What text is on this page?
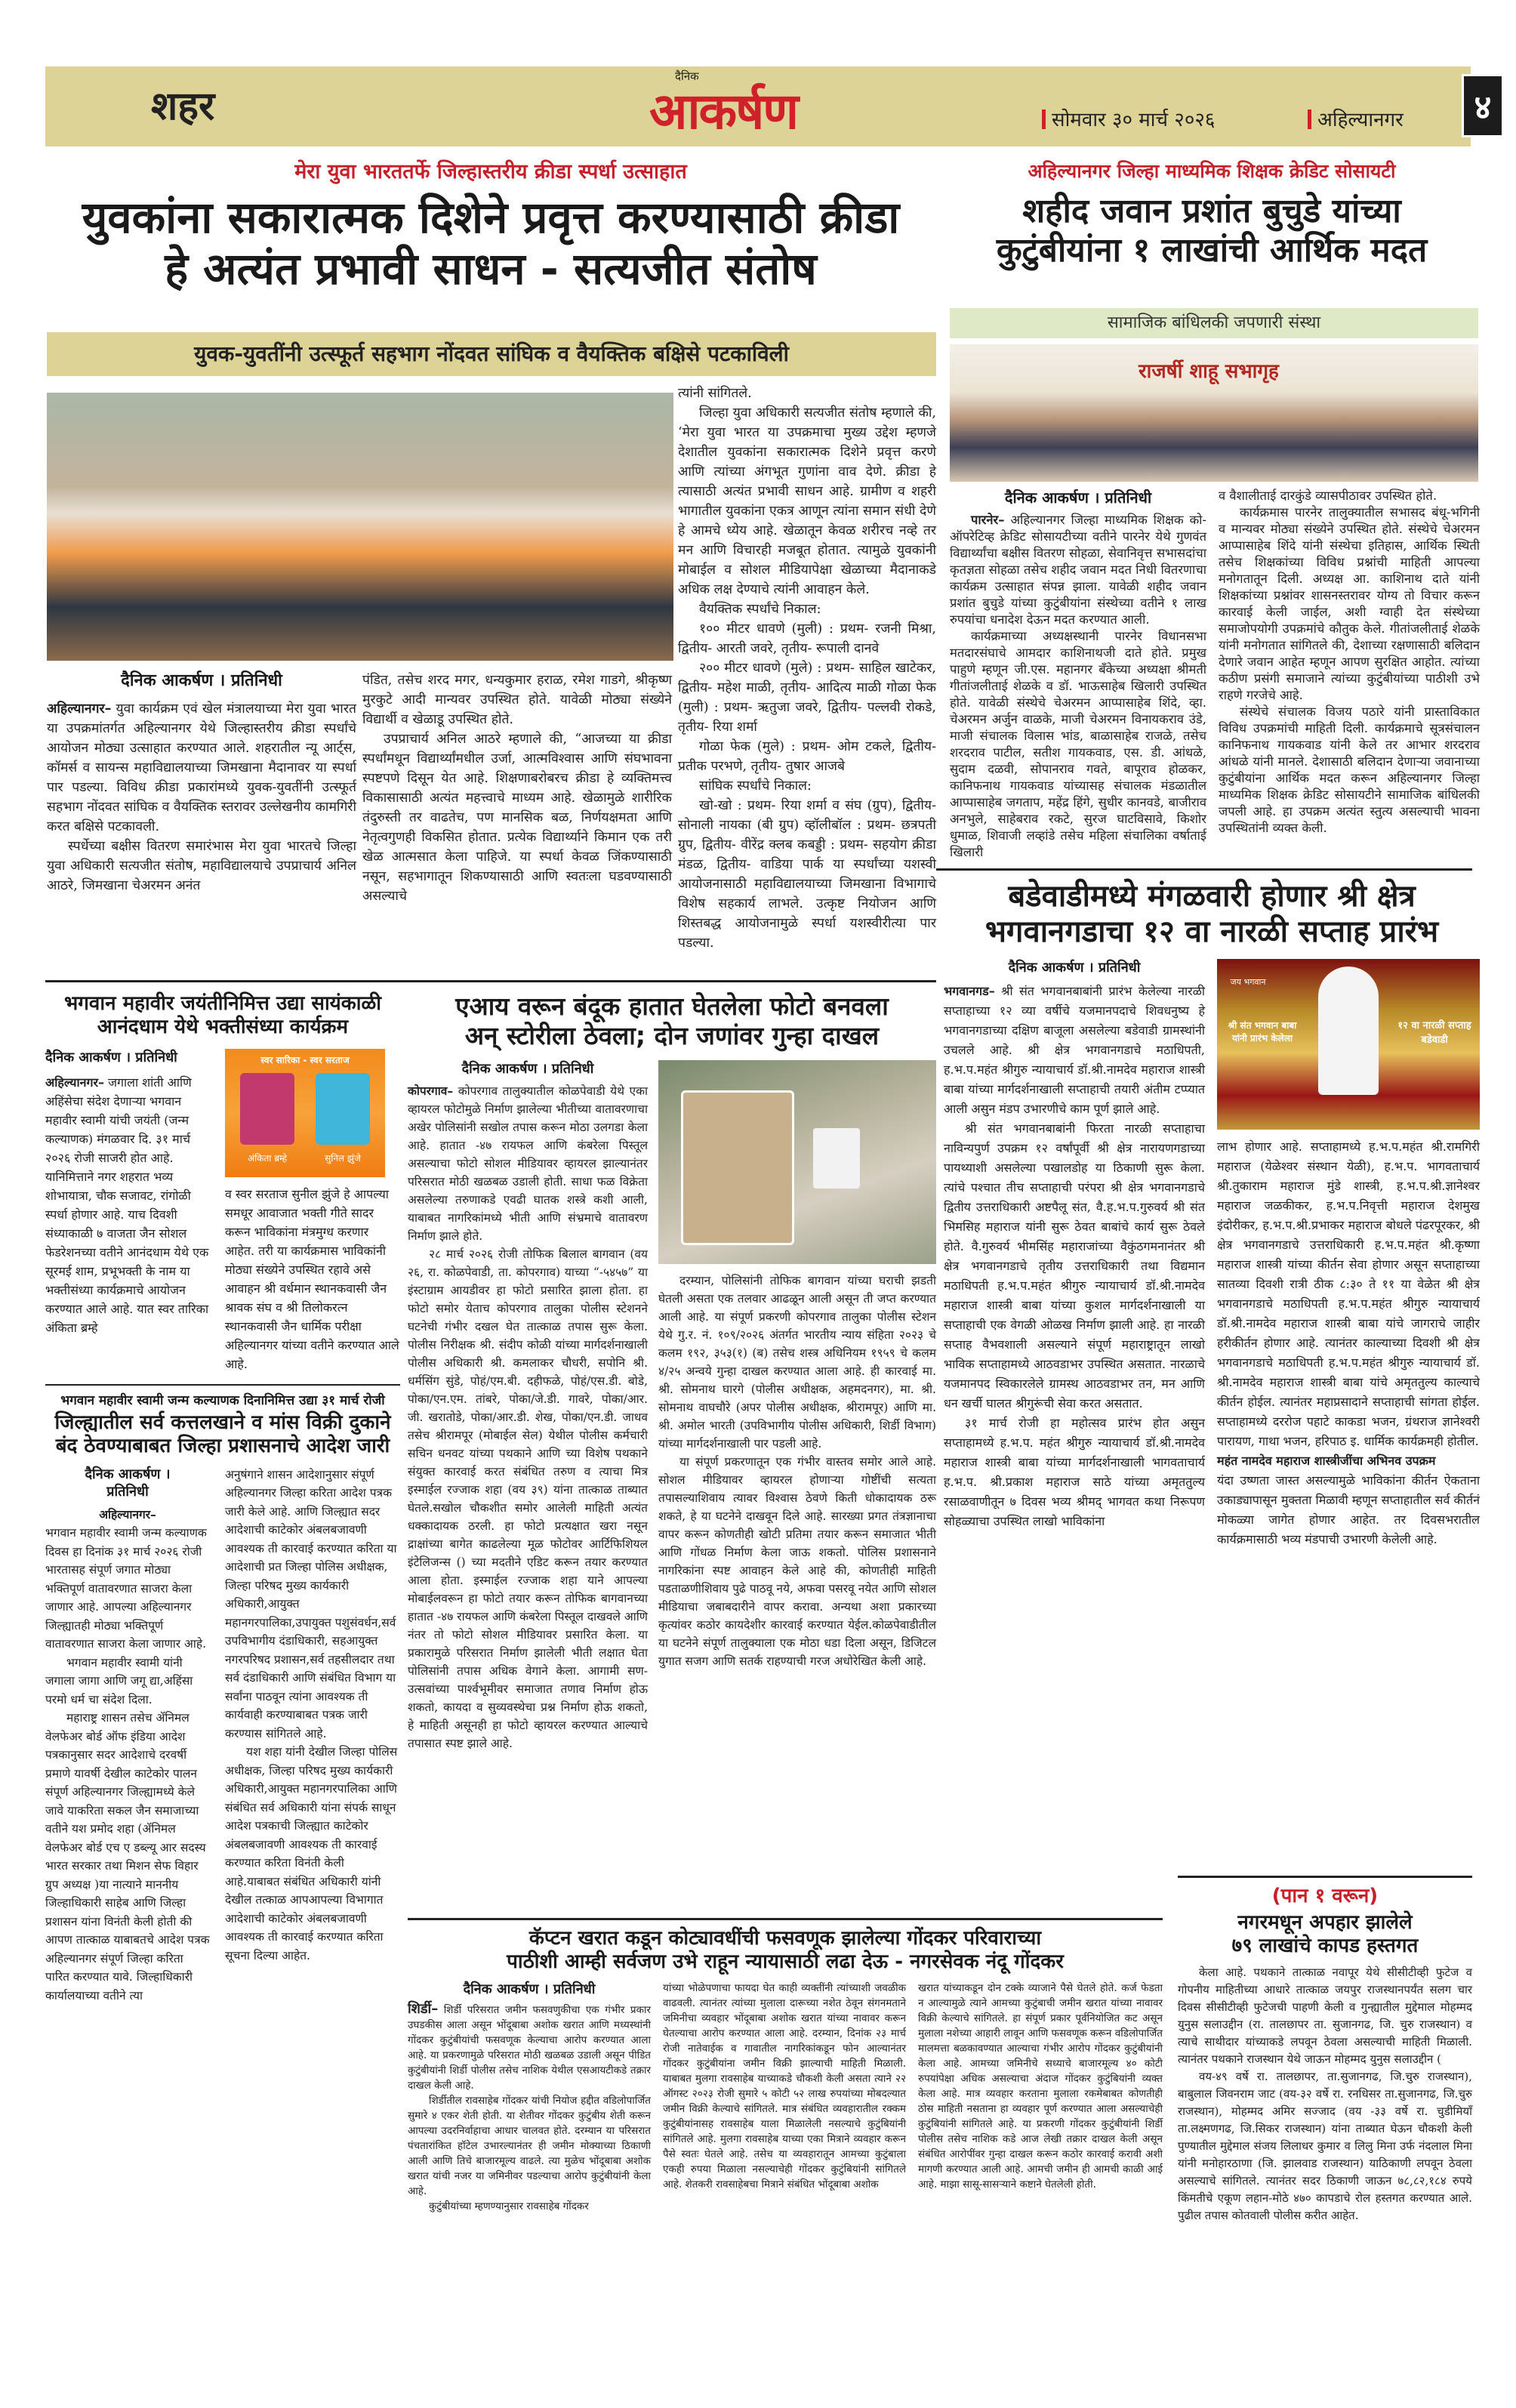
शहर
दैनिक
आकर्षण	सोमवार ३० मार्च २०२६	अहिल्यानगर	४
मेरा युवा भारततर्फे जिल्हास्तरीय क्रीडा स्पर्धा उत्साहात
युवकांना सकारात्मक दिशेने प्रवृत्त करण्यासाठी क्रीडा
हे अत्यंत प्रभावी साधन - सत्यजीत संतोष
युवक-युवतींनी उत्स्फूर्त सहभाग नोंदवत सांघिक व वैयक्तिक बक्षिसे पटकाविली
दैनिक आकर्षण । प्रतिनिधी

अहिल्यानगर– युवा कार्यक्रम एवं खेल मंत्रालयाच्या मेरा युवा भारत या उपक्रमांतर्गत अहिल्यानगर येथे जिल्हास्तरीय क्रीडा स्पर्धांचे आयोजन मोठ्या उत्साहात करण्यात आले. शहरातील न्यू आर्ट्स, कॉमर्स व सायन्स महाविद्यालयाच्या जिमखाना मैदानावर या स्पर्धा पार पडल्या. विविध क्रीडा प्रकारांमध्ये युवक-युवतींनी उत्स्फूर्त सहभाग नोंदवत सांघिक व वैयक्तिक स्तरावर उल्लेखनीय कामगिरी करत बक्षिसे पटकावली.

स्पर्धेच्या बक्षीस वितरण समारंभास मेरा युवा भारतचे जिल्हा युवा अधिकारी सत्यजीत संतोष, महाविद्यालयाचे उपप्राचार्य अनिल आठरे, जिमखाना चेअरमन अनंत

पंडित, तसेच शरद मगर, धन्यकुमार हराळ, रमेश गाडगे, श्रीकृष्ण मुरकुटे आदी मान्यवर उपस्थित होते. यावेळी मोठ्या संख्येने विद्यार्थी व खेळाडू उपस्थित होते.

उपप्राचार्य अनिल आठरे म्हणाले की, “आजच्या या क्रीडा स्पर्धांमधून विद्यार्थ्यांमधील उर्जा, आत्मविश्वास आणि संघभावना स्पष्टपणे दिसून येत आहे. शिक्षणाबरोबरच क्रीडा हे व्यक्तिमत्त्व विकासासाठी अत्यंत महत्त्वाचे माध्यम आहे. खेळामुळे शारीरिक तंदुरुस्ती तर वाढतेच, पण मानसिक बळ, निर्णयक्षमता आणि नेतृत्वगुणही विकसित होतात. प्रत्येक विद्यार्थ्याने किमान एक तरी खेळ आत्मसात केला पाहिजे. या स्पर्धा केवळ जिंकण्यासाठी नसून, सहभागातून शिकण्यासाठी आणि स्वतःला घडवण्यासाठी असल्याचे

त्यांनी सांगितले.

जिल्हा युवा अधिकारी सत्यजीत संतोष म्हणाले की, ‘मेरा युवा भारत या उपक्रमाचा मुख्य उद्देश म्हणजे देशातील युवकांना सकारात्मक दिशेने प्रवृत्त करणे आणि त्यांच्या अंगभूत गुणांना वाव देणे. क्रीडा हे त्यासाठी अत्यंत प्रभावी साधन आहे. ग्रामीण व शहरी भागातील युवकांना एकत्र आणून त्यांना समान संधी देणे हे आमचे ध्येय आहे. खेळातून केवळ शरीरच नव्हे तर मन आणि विचारही मजबूत होतात. त्यामुळे युवकांनी मोबाईल व सोशल मीडियापेक्षा खेळाच्या मैदानाकडे अधिक लक्ष देण्याचे त्यांनी आवाहन केले.

वैयक्तिक स्पर्धांचे निकाल:

१०० मीटर धावणे (मुली) : प्रथम- रजनी मिश्रा, द्वितीय- आरती जवरे, तृतीय- रूपाली दानवे

२०० मीटर धावणे (मुले) : प्रथम- साहिल खाटेकर, द्वितीय- महेश माळी, तृतीय- आदित्य माळी गोळा फेक (मुली) : प्रथम- ऋतुजा जवरे, द्वितीय- पल्लवी रोकडे, तृतीय- रिया शर्मा

गोळा फेक (मुले) : प्रथम- ओम टकले, द्वितीय- प्रतीक परभणे, तृतीय- तुषार आजबे

सांघिक स्पर्धांचे निकाल:

खो-खो : प्रथम- रिया शर्मा व संघ (ग्रुप), द्वितीय- सोनाली नायका (बी ग्रुप) व्हॉलीबॉल : प्रथम- छत्रपती ग्रुप, द्वितीय- वीरेंद्र क्लब कबड्डी : प्रथम- सहयोग क्रीडा मंडळ, द्वितीय- वाडिया पार्क या स्पर्धांच्या यशस्वी आयोजनासाठी महाविद्यालयाच्या जिमखाना विभागाचे विशेष सहकार्य लाभले. उत्कृष्ट नियोजन आणि शिस्तबद्ध आयोजनामुळे स्पर्धा यशस्वीरीत्या पार पडल्या.

अहिल्यानगर जिल्हा माध्यमिक शिक्षक क्रेडिट सोसायटी
शहीद जवान प्रशांत बुचुडे यांच्या
कुटुंबीयांना १ लाखांची आर्थिक मदत
सामाजिक बांधिलकी जपणारी संस्था
राजर्षी शाहू सभागृह
दैनिक आकर्षण । प्रतिनिधी

पारनेर– अहिल्यानगर जिल्हा माध्यमिक शिक्षक को-ऑपरेटिव्ह क्रेडिट सोसायटीच्या वतीने पारनेर येथे गुणवंत विद्यार्थ्यांचा बक्षीस वितरण सोहळा, सेवानिवृत्त सभासदांचा कृतज्ञता सोहळा तसेच शहीद जवान मदत निधी वितरणाचा कार्यक्रम उत्साहात संपन्न झाला. यावेळी शहीद जवान प्रशांत बुचुडे यांच्या कुटुंबीयांना संस्थेच्या वतीने १ लाख रुपयांचा धनादेश देऊन मदत करण्यात आली.

कार्यक्रमाच्या अध्यक्षस्थानी पारनेर विधानसभा मतदारसंघाचे आमदार काशिनाथजी दाते होते. प्रमुख पाहुणे म्हणून जी.एस. महानगर बँकेच्या अध्यक्षा श्रीमती गीतांजलीताई शेळके व डॉ. भाऊसाहेब खिलारी उपस्थित होते. यावेळी संस्थेचे चेअरमन आप्पासाहेब शिंदे, व्हा. चेअरमन अर्जुन वाळके, माजी चेअरमन विनायकराव उंडे, माजी संचालक विलास भांड, बाळासाहेब राजळे, तसेच शरदराव पाटील, सतीश गायकवाड, एस. डी. आंधळे, सुदाम दळवी, सोपानराव गवते, बापूराव होळकर, कानिफनाथ गायकवाड यांच्यासह संचालक मंडळातील आप्पासाहेब जगताप, महेंद्र हिंगे, सुधीर कानवडे, बाजीराव अनभुले, साहेबराव रकटे, सुरज घाटविसावे, किशोर धुमाळ, शिवाजी लव्हांडे तसेच महिला संचालिका वर्षाताई खिलारी

व वैशालीताई दारकुंडे व्यासपीठावर उपस्थित होते.

कार्यक्रमास पारनेर तालुक्यातील सभासद बंधू-भगिनी व मान्यवर मोठ्या संख्येने उपस्थित होते. संस्थेचे चेअरमन आप्पासाहेब शिंदे यांनी संस्थेचा इतिहास, आर्थिक स्थिती तसेच शिक्षकांच्या विविध प्रश्नांची माहिती आपल्या मनोगतातून दिली. अध्यक्ष आ. काशिनाथ दाते यांनी शिक्षकांच्या प्रश्नांवर शासनस्तरावर योग्य तो विचार करून कारवाई केली जाईल, अशी ग्वाही देत संस्थेच्या समाजोपयोगी उपक्रमांचे कौतुक केले. गीतांजलीताई शेळके यांनी मनोगतात सांगितले की, देशाच्या रक्षणासाठी बलिदान देणारे जवान आहेत म्हणून आपण सुरक्षित आहोत. त्यांच्या कठीण प्रसंगी समाजाने त्यांच्या कुटुंबीयांच्या पाठीशी उभे राहणे गरजेचे आहे.

संस्थेचे संचालक विजय पठारे यांनी प्रास्ताविकात विविध उपक्रमांची माहिती दिली. कार्यक्रमाचे सूत्रसंचालन कानिफनाथ गायकवाड यांनी केले तर आभार शरदराव आंधळे यांनी मानले. देशासाठी बलिदान देणाऱ्या जवानाच्या कुटुंबीयांना आर्थिक मदत करून अहिल्यानगर जिल्हा माध्यमिक शिक्षक क्रेडिट सोसायटीने सामाजिक बांधिलकी जपली आहे. हा उपक्रम अत्यंत स्तुत्य असल्याची भावना उपस्थितांनी व्यक्त केली.

भगवान महावीर जयंतीनिमित्त उद्या सायंकाळी
आनंदधाम येथे भक्तीसंध्या कार्यक्रम
दैनिक आकर्षण । प्रतिनिधी

अहिल्यानगर– जगाला शांती आणि अहिंसेचा संदेश देणाऱ्या भगवान महावीर स्वामी यांची जयंती (जन्म कल्याणक) मंगळवार दि. ३१ मार्च २०२६ रोजी साजरी होत आहे. यानिमित्ताने नगर शहरात भव्य शोभायात्रा, चौक सजावट, रांगोळी स्पर्धा होणार आहे. याच दिवशी संध्याकाळी ७ वाजता जैन सोशल फेडरेशनच्या वतीने आनंदधाम येथे एक सूरमई शाम, प्रभूभक्ती के नाम या भक्तीसंध्या कार्यक्रमाचे आयोजन करण्यात आले आहे. यात स्वर तारिका अंकिता ब्रम्हे

स्वर सारिका - स्वर सरताज
अंकिता ब्रम्हे	सुनिल झुंजे

व स्वर सरताज सुनील झुंजे हे आपल्या समधूर आवाजात भक्ती गीते सादर करून भाविकांना मंत्रमुग्ध करणार आहेत. तरी या कार्यक्रमास भाविकांनी मोठ्या संख्येने उपस्थित रहावे असे आवाहन श्री वर्धमान स्थानकवासी जैन श्रावक संघ व श्री तिलोकरत्न स्थानकवासी जैन धार्मिक परीक्षा अहिल्यानगर यांच्या वतीने करण्यात आले आहे.

भगवान महावीर स्वामी जन्म कल्याणक दिनानिमित्त उद्या ३१ मार्च रोजी
जिल्ह्यातील सर्व कत्तलखाने व मांस विक्री दुकाने
बंद ठेवण्याबाबत जिल्हा प्रशासनाचे आदेश जारी
दैनिक आकर्षण ।
प्रतिनिधी

अहिल्यानगर–

भगवान महावीर स्वामी जन्म कल्याणक दिवस हा दिनांक ३१ मार्च २०२६ रोजी भारतासह संपूर्ण जगात मोठ्या भक्तिपूर्ण वातावरणात साजरा केला जाणार आहे. आपल्या अहिल्यानगर जिल्ह्यातही मोठ्या भक्तिपूर्ण वातावरणात साजरा केला जाणार आहे.

भगवान महावीर स्वामी यांनी जगाला जागा आणि जगू द्या,अहिंसा परमो धर्म चा संदेश दिला.

महाराष्ट्र शासन तसेच ॲनिमल वेलफेअर बोर्ड ऑफ इंडिया आदेश पत्रकानुसार सदर आदेशाचे दरवर्षी प्रमाणे यावर्षी देखील काटेकोर पालन संपूर्ण अहिल्यानगर जिल्ह्यामध्ये केले जावे याकरिता सकल जैन समाजाच्या वतीने यश प्रमोद शहा (ॲनिमल वेलफेअर बोर्ड एच ए डब्ल्यू आर सदस्य भारत सरकार तथा मिशन सेफ विहार ग्रुप अध्यक्ष )या नात्याने माननीय जिल्हाधिकारी साहेब आणि जिल्हा प्रशासन यांना विनंती केली होती की आपण तात्काळ याबाबतचे आदेश पत्रक अहिल्यानगर संपूर्ण जिल्हा करिता पारित करण्यात यावे. जिल्हाधिकारी कार्यालयाच्या वतीने त्या

अनुषंगाने शासन आदेशानुसार संपूर्ण अहिल्यानगर जिल्हा करिता आदेश पत्रक जारी केले आहे. आणि जिल्ह्यात सदर आदेशाची काटेकोर अंबलबजावणी आवश्यक ती कारवाई करण्यात करिता या आदेशाची प्रत जिल्हा पोलिस अधीक्षक, जिल्हा परिषद मुख्य कार्यकारी अधिकारी,आयुक्त महानगरपालिका,उपायुक्त पशुसंवर्धन,सर्व उपविभागीय दंडाधिकारी, सहआयुक्त नगरपरिषद प्रशासन,सर्व तहसीलदार तथा सर्व दंडाधिकारी आणि संबंधित विभाग या सर्वांना पाठवून त्यांना आवश्यक ती कार्यवाही करण्याबाबत पत्रक जारी करण्यास सांगितले आहे.

यश शहा यांनी देखील जिल्हा पोलिस अधीक्षक, जिल्हा परिषद मुख्य कार्यकारी अधिकारी,आयुक्त महानगरपालिका आणि संबंधित सर्व अधिकारी यांना संपर्क साधून आदेश पत्रकाची जिल्ह्यात काटेकोर अंबलबजावणी आवश्यक ती कारवाई करण्यात करिता विनंती केली आहे.याबाबत संबंधित अधिकारी यांनी देखील तत्काळ आपआपल्या विभागात आदेशाची काटेकोर अंबलबजावणी आवश्यक ती कारवाई करण्यात करिता सूचना दिल्या आहेत.

एआय वरून बंदूक हातात घेतलेला फोटो बनवला
अन् स्टोरीला ठेवला; दोन जणांवर गुन्हा दाखल
दैनिक आकर्षण । प्रतिनिधी

कोपरगाव– कोपरगाव तालुक्यातील कोळपेवाडी येथे एका व्हायरल फोटोमुळे निर्माण झालेल्या भीतीच्या वातावरणाचा अखेर पोलिसांनी सखोल तपास करून मोठा उलगडा केला आहे. हातात -४७ रायफल आणि कंबरेला पिस्तूल असल्याचा फोटो सोशल मीडियावर व्हायरल झाल्यानंतर परिसरात मोठी खळबळ उडाली होती. साधा फळ विक्रेता असलेल्या तरुणाकडे एवढी घातक शस्त्रे कशी आली, याबाबत नागरिकांमध्ये भीती आणि संभ्रमाचे वातावरण निर्माण झाले होते.

२८ मार्च २०२६ रोजी तोफिक बिलाल बागवान (वय २६, रा. कोळपेवाडी, ता. कोपरगाव) याच्या “-५४५७” या इंस्टाग्राम आयडीवर हा फोटो प्रसारित झाला होता. हा फोटो समोर येताच कोपरगाव तालुका पोलीस स्टेशनने घटनेची गंभीर दखल घेत तात्काळ तपास सुरू केला. पोलीस निरीक्षक श्री. संदीप कोळी यांच्या मार्गदर्शनाखाली पोलीस अधिकारी श्री. कमलाकर चौधरी, सपोनि श्री. धर्मसिंग सुंडे, पोहं/एम.बी. दहीफळे, पोहं/एस.डी. बोडे, पोका/एन.एम. तांबरे, पोका/जे.डी. गावरे, पोका/आर. जी. खरातोडे, पोका/आर.डी. शेख, पोका/एन.डी. जाधव तसेच श्रीरामपूर (मोबाईल सेल) येथील पोलीस कर्मचारी सचिन धनवट यांच्या पथकाने आणि च्या विशेष पथकाने संयुक्त कारवाई करत संबंधित तरुण व त्याचा मित्र इस्माईल रज्जाक शहा (वय ३९) यांना तात्काळ ताब्यात घेतले.सखोल चौकशीत समोर आलेली माहिती अत्यंत धक्कादायक ठरली. हा फोटो प्रत्यक्षात खरा नसून द्राक्षांच्या बागेत काढलेल्या मूळ फोटोवर आर्टिफिशियल इंटेलिजन्स () च्या मदतीने एडिट करून तयार करण्यात आला होता. इस्माईल रज्जाक शहा याने आपल्या मोबाईलवरून हा फोटो तयार करून तोफिक बागवानच्या हातात -४७ रायफल आणि कंबरेला पिस्तूल दाखवले आणि नंतर तो फोटो सोशल मीडियावर प्रसारित केला. या प्रकारामुळे परिसरात निर्माण झालेली भीती लक्षात घेता पोलिसांनी तपास अधिक वेगाने केला. आगामी सण-उत्सवांच्या पार्श्वभूमीवर समाजात तणाव निर्माण होऊ शकतो, कायदा व सुव्यवस्थेचा प्रश्न निर्माण होऊ शकतो, हे माहिती असूनही हा फोटो व्हायरल करण्यात आल्याचे तपासात स्पष्ट झाले आहे.

दरम्यान, पोलिसांनी तोफिक बागवान यांच्या घराची झडती घेतली असता एक तलवार आढळून आली असून ती जप्त करण्यात आली आहे. या संपूर्ण प्रकरणी कोपरगाव तालुका पोलीस स्टेशन येथे गु.र. नं. १०९/२०२६ अंतर्गत भारतीय न्याय संहिता २०२३ चे कलम १९२, ३५३(१) (ब) तसेच शस्त्र अधिनियम १९५९ चे कलम ४/२५ अन्वये गुन्हा दाखल करण्यात आला आहे. ही कारवाई मा. श्री. सोमनाथ घारगे (पोलीस अधीक्षक, अहमदनगर), मा. श्री. सोमनाथ वाघचौरे (अपर पोलीस अधीक्षक, श्रीरामपूर) आणि मा. श्री. अमोल भारती (उपविभागीय पोलीस अधिकारी, शिर्डी विभाग) यांच्या मार्गदर्शनाखाली पार पडली आहे.

या संपूर्ण प्रकरणातून एक गंभीर वास्तव समोर आले आहे. सोशल मीडियावर व्हायरल होणाऱ्या गोष्टींची सत्यता तपासल्याशिवाय त्यावर विश्वास ठेवणे किती धोकादायक ठरू शकते, हे या घटनेने दाखवून दिले आहे. सारख्या प्रगत तंत्रज्ञानाचा वापर करून कोणतीही खोटी प्रतिमा तयार करून समाजात भीती आणि गोंधळ निर्माण केला जाऊ शकतो. पोलिस प्रशासनाने नागरिकांना स्पष्ट आवाहन केले आहे की, कोणतीही माहिती पडताळणीशिवाय पुढे पाठवू नये, अफवा पसरवू नयेत आणि सोशल मीडियाचा जबाबदारीने वापर करावा. अन्यथा अशा प्रकारच्या कृत्यांवर कठोर कायदेशीर कारवाई करण्यात येईल.कोळपेवाडीतील या घटनेने संपूर्ण तालुक्याला एक मोठा धडा दिला असून, डिजिटल युगात सजग आणि सतर्क राहण्याची गरज अधोरेखित केली आहे.

बडेवाडीमध्ये मंगळवारी होणार श्री क्षेत्र
भगवानगडाचा १२ वा नारळी सप्ताह प्रारंभ
दैनिक आकर्षण । प्रतिनिधी

भगवानगड– श्री संत भगवानबाबांनी प्रारंभ केलेल्या नारळी सप्ताहाच्या १२ व्या वर्षीचे यजमानपदाचे शिवधनुष्य हे भगवानगडाच्या दक्षिण बाजूला असलेल्या बडेवाडी ग्रामस्थांनी उचलले आहे. श्री क्षेत्र भगवानगडाचे मठाधिपती, ह.भ.प.महंत श्रीगुरु न्यायाचार्य डॉ.श्री.नामदेव महाराज शास्त्री बाबा यांच्या मार्गदर्शनाखाली सप्ताहाची तयारी अंतीम टप्प्यात आली असुन मंडप उभारणीचे काम पूर्ण झाले आहे.

श्री संत भगवानबाबांनी फिरता नारळी सप्ताहाचा नाविन्यपुर्ण उपक्रम १२ वर्षांपूर्वी श्री क्षेत्र नारायणगडाच्या पायथ्याशी असलेल्या पखालडोह या ठिकाणी सुरू केला. त्यांचे पश्चात तीच सप्ताहाची परंपरा श्री क्षेत्र भगवानगडाचे द्वितीय उत्तराधिकारी अष्टपैलू संत, वै.ह.भ.प.गुरुवर्य श्री संत भिमसिह महाराज यांनी सुरू ठेवत बाबांचे कार्य सुरू ठेवले होते. वै.गुरुवर्य भीमसिंह महाराजांच्या वैकुंठगमनानंतर श्री क्षेत्र भगवानगडाचे तृतीय उत्तराधिकारी तथा विद्यमान मठाधिपती ह.भ.प.महंत श्रीगुरु न्यायाचार्य डॉ.श्री.नामदेव महाराज शास्त्री बाबा यांच्या कुशल मार्गदर्शनाखाली या सप्ताहाची एक वेगळी ओळख निर्माण झाली आहे. हा नारळी सप्ताह वैभवशाली असल्याने संपूर्ण महाराष्ट्रातून लाखो भाविक सप्ताहामध्ये आठवडाभर उपस्थित असतात. नारळाचे यजमानपद स्विकारलेले ग्रामस्थ आठवडाभर तन, मन आणि धन खर्ची घालत श्रीगुरूंची सेवा करत असतात.

३१ मार्च रोजी हा महोत्सव प्रारंभ होत असुन सप्ताहामध्ये ह.भ.प. महंत श्रीगुरु न्यायाचार्य डॉ.श्री.नामदेव महाराज शास्त्री बाबा यांच्या मार्गदर्शनाखाली भागवताचार्य ह.भ.प. श्री.प्रकाश महाराज साठे यांच्या अमृततुल्य रसाळवाणीतून ७ दिवस भव्य श्रीमद् भागवत कथा निरूपण सोहळ्याचा उपस्थित लाखो भाविकांना

जय भगवान
श्री संत भगवान बाबा यांनी प्रारंभ केलेला
१२ वा नारळी सप्ताह बडेवाडी

लाभ होणार आहे. सप्ताहामध्ये ह.भ.प.महंत श्री.रामगिरी महाराज (येळेश्वर संस्थान येळी), ह.भ.प. भागवताचार्य श्री.तुकाराम महाराज मुंडे शास्त्री, ह.भ.प.श्री.ज्ञानेश्वर महाराज जळकीकर, ह.भ.प.निवृत्ती महाराज देशमुख इंदोरीकर, ह.भ.प.श्री.प्रभाकर महाराज बोधले पंढरपूरकर, श्री क्षेत्र भगवानगडाचे उत्तराधिकारी ह.भ.प.महंत श्री.कृष्णा महाराज शास्त्री यांच्या कीर्तन सेवा होणार असून सप्ताहाच्या सातव्या दिवशी रात्री ठीक ८:३० ते ११ या वेळेत श्री क्षेत्र भगवानगडाचे मठाधिपती ह.भ.प.महंत श्रीगुरु न्यायाचार्य डॉ.श्री.नामदेव महाराज शास्त्री बाबा यांचे जागराचे जाहीर हरीकीर्तन होणार आहे. त्यानंतर काल्याच्या दिवशी श्री क्षेत्र भगवानगडाचे मठाधिपती ह.भ.प.महंत श्रीगुरु न्यायाचार्य डॉ. श्री.नामदेव महाराज शास्त्री बाबा यांचे अमृततुल्य काल्याचे कीर्तन होईल. त्यानंतर महाप्रसादाने सप्ताहाची सांगता होईल. सप्ताहामध्ये दररोज पहाटे काकडा भजन, ग्रंथराज ज्ञानेश्वरी पारायण, गाथा भजन, हरिपाठ इ. धार्मिक कार्यक्रमही होतील.

महंत नामदेव महाराज शास्त्रीजींचा अभिनव उपक्रम

यंदा उष्णता जास्त असल्यामुळे भाविकांना कीर्तन ऐकताना उकाड्यापासून मुक्तता मिळावी म्हणून सप्ताहातील सर्व कीर्तनं मोकळ्या जागेत होणार आहेत. तर दिवसभरातील कार्यक्रमासाठी भव्य मंडपाची उभारणी केलेली आहे.

कॅप्टन खरात कडून कोट्यावधींची फसवणूक झालेल्या गोंदकर परिवाराच्या
पाठीशी आम्ही सर्वजण उभे राहून न्यायासाठी लढा देऊ - नगरसेवक नंदू गोंदकर
दैनिक आकर्षण । प्रतिनिधी

शिर्डी– शिर्डी परिसरात जमीन फसवणुकीचा एक गंभीर प्रकार उघडकीस आला असून भोंदूबाबा अशोक खरात आणि मध्यस्थांनी गोंदकर कुटुंबीयांची फसवणूक केल्याचा आरोप करण्यात आला आहे. या प्रकरणामुळे परिसरात मोठी खळबळ उडाली असून पीडित कुटुंबीयांनी शिर्डी पोलीस तसेच नाशिक येथील एसआयटीकडे तक्रार दाखल केली आहे.

शिर्डीतील रावसाहेब गोंदकर यांची नियोज हद्दीत वडिलोपार्जित सुमारे ४ एकर शेती होती. या शेतीवर गोंदकर कुटुंबीय शेती करून आपल्या उदरनिर्वाहाचा आधार चालवत होते. दरम्यान या परिसरात पंचतारांकित हॉटेल उभारल्यानंतर ही जमीन मोक्याच्या ठिकाणी आली आणि तिचे बाजारमूल्य वाढले. त्या मुळेच भोंदूबाबा अशोक खरात यांची नजर या जमिनीवर पडल्याचा आरोप कुटुंबीयांनी केला आहे.

कुटुंबीयांच्या म्हणण्यानुसार रावसाहेब गोंदकर

यांच्या भोळेपणाचा फायदा घेत काही व्यक्तींनी त्यांच्याशी जवळीक वाढवली. त्यानंतर त्यांच्या मुलाला दारूच्या नशेत ठेवून संगनमताने जमिनीचा व्यवहार भोंदूबाबा अशोक खरात यांच्या नावावर करून घेतल्याचा आरोप करण्यात आला आहे. दरम्यान, दिनांक २३ मार्च रोजी नातेवाईक व गावातील नागरिकांकडून फोन आल्यानंतर गोंदकर कुटुंबीयांना जमीन विक्री झाल्याची माहिती मिळाली. याबाबत मुलगा रावसाहेब याच्याकडे चौकशी केली असता त्याने २२ ऑगस्ट २०२३ रोजी सुमारे ५ कोटी ५२ लाख रुपयांच्या मोबदल्यात जमीन विक्री केल्याचे सांगितले. मात्र संबंधित व्यवहारातील रक्कम कुटुंबीयांनासह रावसाहेब याला मिळालेली नसल्याचे कुटुंबियांनी सांगितले आहे. मुलगा रावसाहेब याच्या एका मित्राने व्यवहार करून पैसे स्वतः घेतले आहे. तसेच या व्यवहारातून आमच्या कुटुंबाला एकही रुपया मिळाला नसल्याचेही गोंदकर कुटुंबियांनी सांगितले आहे. शेतकरी रावसाहेबचा मित्राने संबंधित भोंदूबाबा अशोक

खरात यांच्याकडून दोन टक्के व्याजाने पैसे घेतले होते. कर्ज फेडता न आल्यामुळे त्याने आमच्या कुटुंबाची जमीन खरात यांच्या नावावर विक्री केल्याचे सांगितले. हा संपूर्ण प्रकार पूर्वनियोजित कट असून मुलाला नशेच्या आहारी लावून आणि फसवणूक करून वडिलोपार्जित मालमत्ता बळकावण्यात आल्याचा गंभीर आरोप गोंदकर कुटुंबीयांनी केला आहे. आमच्या जमिनीचे सध्याचे बाजारमूल्य ४० कोटी रुपयांपेक्षा अधिक असल्याचा अंदाज गोंदकर कुटुंबियांनी व्यक्त केला आहे. मात्र व्यवहार करताना मुलाला रकमेबाबत कोणतीही ठोस माहिती नसताना हा व्यवहार पूर्ण करण्यात आला असल्याचेही कुटुंबियांनी सांगितले आहे. या प्रकरणी गोंदकर कुटुंबीयांनी शिर्डी पोलीस तसेच नाशिक कडे आज लेखी तक्रार दाखल केली असून संबंधित आरोपींवर गुन्हा दाखल करून कठोर कारवाई करावी अशी मागणी करण्यात आली आहे. आमची जमीन ही आमची काळी आई आहे. माझा सासू-सासऱ्याने कष्टाने घेतलेली होती.

(पान १ वरून)
नगरमधून अपहार झालेले
७९ लाखांचे कापड हस्तगत

केला आहे. पथकाने तात्काळ नवापूर येथे सीसीटीव्ही फुटेज व गोपनीय माहितीच्या आधारे तात्काळ जयपुर राजस्थानपर्यंत सलग चार दिवस सीसीटीव्ही फुटेजची पाहणी केली व गुन्ह्यातील मुद्देमाल मोहम्मद युनुस सलाउद्दीन (रा. तालछापर ता. सुजानगढ, जि. चुरु राजस्थान) व त्याचे साथीदार यांच्याकडे लपवून ठेवला असल्याची माहिती मिळाली. त्यानंतर पथकाने राजस्थान येथे जाऊन मोहम्मद युनुस सलाउद्दीन (

वय-४९ वर्षे रा. तालछापर, ता.सुजानगढ, जि.चुरु राजस्थान), बाबुलाल जिवनराम जाट (वय-३२ वर्षे रा. रनधिसर ता.सुजानगढ, जि.चुरु राजस्थान), मोहम्मद अमिर सज्जाद (वय -३३ वर्षे रा. चुडीमियाँ ता.लक्ष्मणगढ, जि.सिकर राजस्थान) यांना ताब्यात घेऊन चौकशी केली पुण्यातील मुद्देमाल संजय लिलाधर कुमार व लिलु मिना उर्फ नंदलाल मिना यांनी मनोहारठाणा (जि. झालवाड राजस्थान) याठिकाणी लपवून ठेवला असल्याचे सांगितले. त्यानंतर सदर ठिकाणी जाऊन ७८,८२,१८४ रुपये किंमतीचे एकूण लहान-मोठे ४७० कापडाचे रोल हस्तगत करण्यात आले. पुढील तपास कोतवाली पोलीस करीत आहेत.
